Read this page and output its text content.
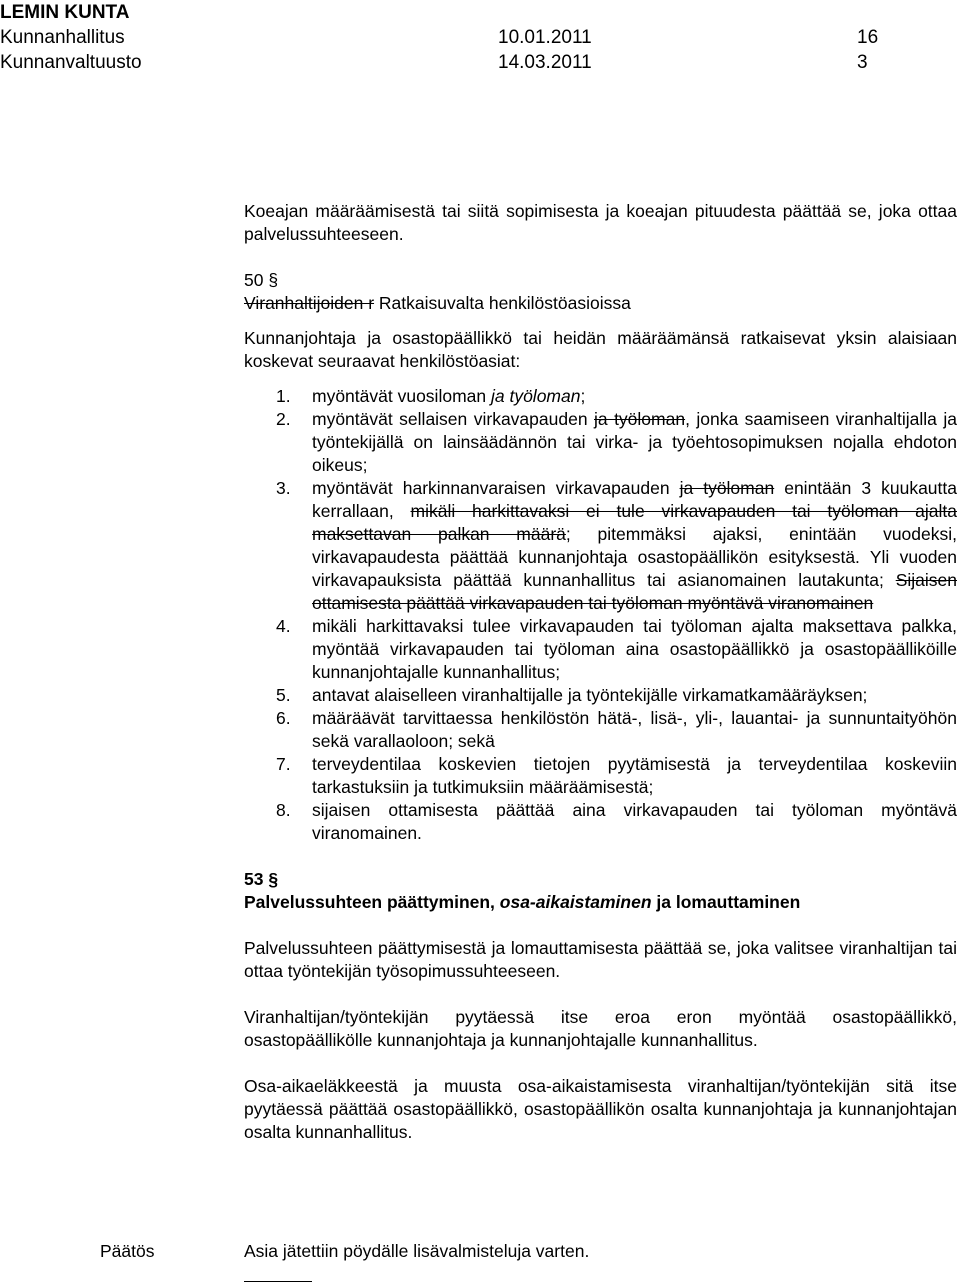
LEMIN KUNTA
Kunnanhallitus	10.01.2011	16
Kunnanvaltuusto	14.03.2011	3

Koeajan määräämisestä tai siitä sopimisesta ja koeajan pituudesta päättää se, joka ottaa palvelussuhteeseen.

50 §

Viranhaltijoiden r Ratkaisuvalta henkilöstöasioissa

Kunnanjohtaja ja osastopäällikkö tai heidän määräämänsä ratkaisevat yksin alaisiaan koskevat seuraavat henkilöstöasiat:

1. myöntävät vuosiloman ja työloman;
2. myöntävät sellaisen virkavapauden ja työloman, jonka saamiseen viranhaltijalla ja työntekijällä on lainsäädännön tai virka- ja työehtosopimuksen nojalla ehdoton oikeus;
3. myöntävät harkinnanvaraisen virkavapauden ja työloman enintään 3 kuukautta kerrallaan, mikäli harkittavaksi ei tule virkavapauden tai työloman ajalta maksettavan palkan määrä; pitemmäksi ajaksi, enintään vuodeksi, virkavapaudesta päättää kunnanjohtaja osastopäällikön esityksestä. Yli vuoden virkavapauksista päättää kunnanhallitus tai asianomainen lautakunta; Sijaisen ottamisesta päättää virkavapauden tai työloman myöntävä viranomainen
4. mikäli harkittavaksi tulee virkavapauden tai työloman ajalta maksettava palkka, myöntää virkavapauden tai työloman aina osastopäällikkö ja osastopäälliköille kunnanjohtajalle kunnanhallitus;
5. antavat alaiselleen viranhaltijalle ja työntekijälle virkamatkamääräyksen;
6. määräävät tarvittaessa henkilöstön hätä-, lisä-, yli-, lauantai- ja sunnuntaityöhön sekä varallaoloon; sekä
7. terveydentilaa koskevien tietojen pyytämisestä ja terveydentilaa koskeviin tarkastuksiin ja tutkimuksiin määräämisestä;
8. sijaisen ottamisesta päättää aina virkavapauden tai työloman myöntävä viranomainen.

53 §

Palvelussuhteen päättyminen, osa-aikaistaminen ja lomauttaminen

Palvelussuhteen päättymisestä ja lomauttamisesta päättää se, joka valitsee viranhaltijan tai ottaa työntekijän työsopimussuhteeseen.

Viranhaltijan/työntekijän pyytäessä itse eroa eron myöntää osastopäällikkö, osastopäällikölle kunnanjohtaja ja kunnanjohtajalle kunnanhallitus.

Osa-aikaeläkkeestä ja muusta osa-aikaistamisesta viranhaltijan/työntekijän sitä itse pyytäessä päättää osastopäällikkö, osastopäällikön osalta kunnanjohtaja ja kunnanjohtajan osalta kunnanhallitus.

Päätös	Asia jätettiin pöydälle lisävalmisteluja varten.
